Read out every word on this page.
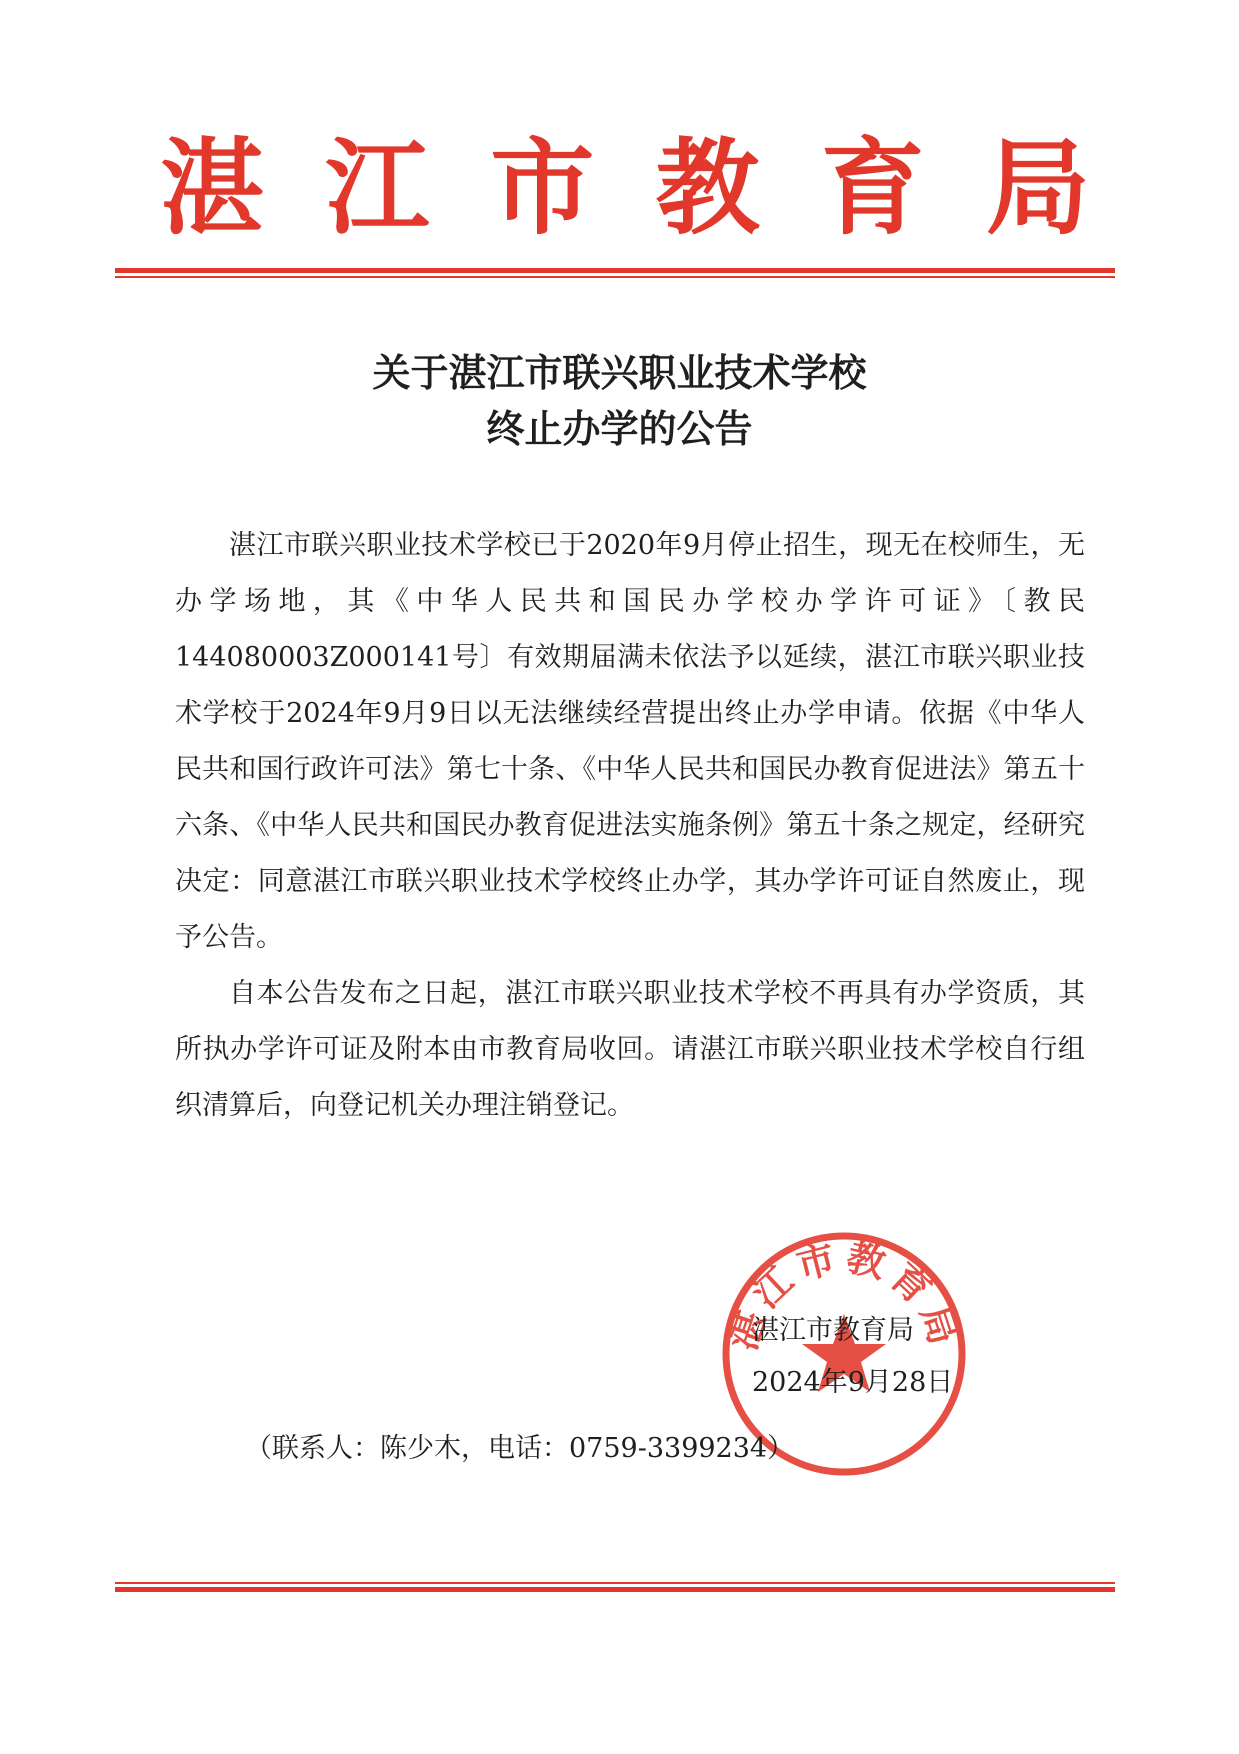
湛 江 市 教 育 局
关于湛江市联兴职业技术学校
终止办学的公告

湛江市联兴职业技术学校已于2020年9月停止招生，现无在校师生，无办学场地，其《中华人民共和国民办学校办学许可证》〔教民144080003Z000141号〕有效期届满未依法予以延续，湛江市联兴职业技术学校于2024年9月9日以无法继续经营提出终止办学申请。依据《中华人民共和国行政许可法》第七十条、《中华人民共和国民办教育促进法》第五十六条、《中华人民共和国民办教育促进法实施条例》第五十条之规定，经研究决定：同意湛江市联兴职业技术学校终止办学，其办学许可证自然废止，现予公告。

自本公告发布之日起，湛江市联兴职业技术学校不再具有办学资质，其所执办学许可证及附本由市教育局收回。请湛江市联兴职业技术学校自行组织清算后，向登记机关办理注销登记。

湛江市教育局
湛江市教育局
2024年9月28日
（联系人：陈少木，电话：0759-3399234）
